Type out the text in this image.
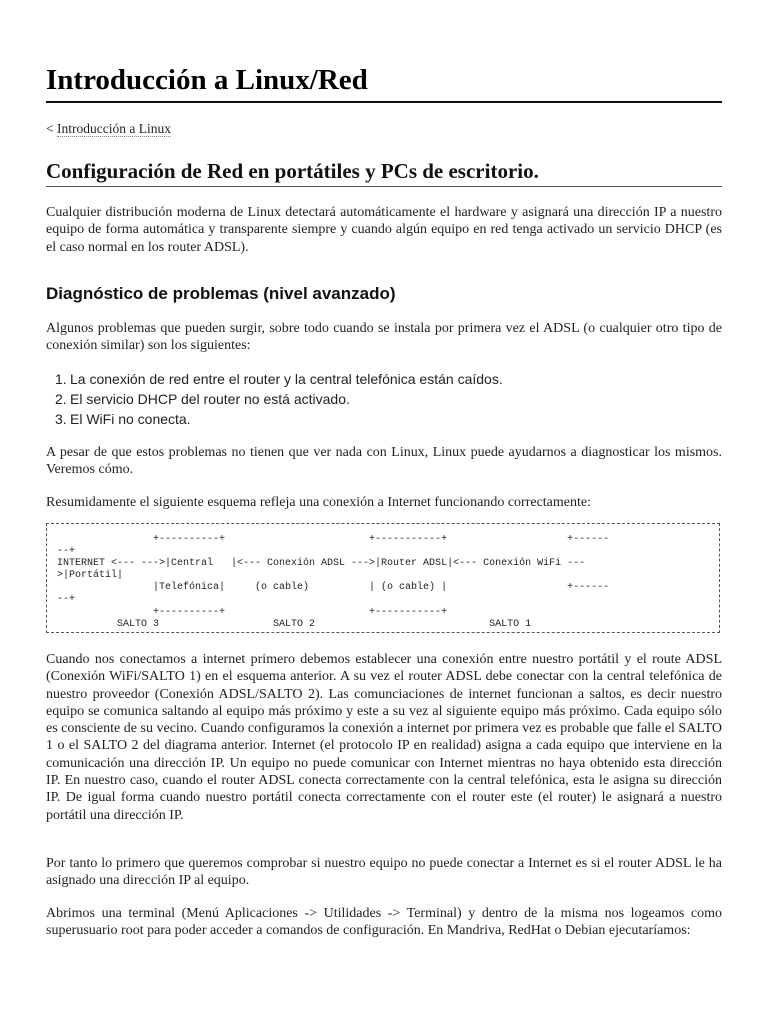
Introducción a Linux/Red
< Introducción a Linux
Configuración de Red en portátiles y PCs de escritorio.

Cualquier distribución moderna de Linux detectará automáticamente el hardware y asignará una dirección IP a nuestro equipo de forma automática y transparente siempre y cuando algún equipo en red tenga activado un servicio DHCP (es el caso normal en los router ADSL).

Diagnóstico de problemas (nivel avanzado)

Algunos problemas que pueden surgir, sobre todo cuando se instala por primera vez el ADSL (o cualquier otro tipo de conexión similar) son los siguientes:

1. La conexión de red entre el router y la central telefónica están caídos.
2. El servicio DHCP del router no está activado.
3. El WiFi no conecta.

A pesar de que estos problemas no tienen que ver nada con Linux, Linux puede ayudarnos a diagnosticar los mismos. Veremos cómo.

Resumidamente el siguiente esquema refleja una conexión a Internet funcionando correctamente:

+----------+                        +-----------+                    +------
--+
INTERNET <--- --->|Central   |<--- Conexión ADSL --->|Router ADSL|<--- Conexión WiFi ---
>|Portátil|
|Telefónica|     (o cable)          | (o cable) |                    +------
--+
+----------+                        +-----------+
SALTO 3                   SALTO 2                             SALTO 1

Cuando nos conectamos a internet primero debemos establecer una conexión entre nuestro portátil y el route ADSL (Conexión WiFi/SALTO 1) en el esquema anterior. A su vez el router ADSL debe conectar con la central telefónica de nuestro proveedor (Conexión ADSL/SALTO 2). Las comunciaciones de internet funcionan a saltos, es decir nuestro equipo se comunica saltando al equipo más próximo y este a su vez al siguiente equipo más próximo. Cada equipo sólo es consciente de su vecino. Cuando configuramos la conexión a internet por primera vez es probable que falle el SALTO 1 o el SALTO 2 del diagrama anterior. Internet (el protocolo IP en realidad) asigna a cada equipo que interviene en la comunicación una dirección IP. Un equipo no puede comunicar con Internet mientras no haya obtenido esta dirección IP. En nuestro caso, cuando el router ADSL conecta correctamente con la central telefónica, esta le asigna su dirección IP. De igual forma cuando nuestro portátil conecta correctamente con el router este (el router) le asignará a nuestro portátil una dirección IP.

Por tanto lo primero que queremos comprobar si nuestro equipo no puede conectar a Internet es si el router ADSL le ha asignado una dirección IP al equipo.

Abrimos una terminal (Menú Aplicaciones -> Utilidades -> Terminal) y dentro de la misma nos logeamos como superusuario root para poder acceder a comandos de configuración. En Mandriva, RedHat o Debian ejecutaríamos:
